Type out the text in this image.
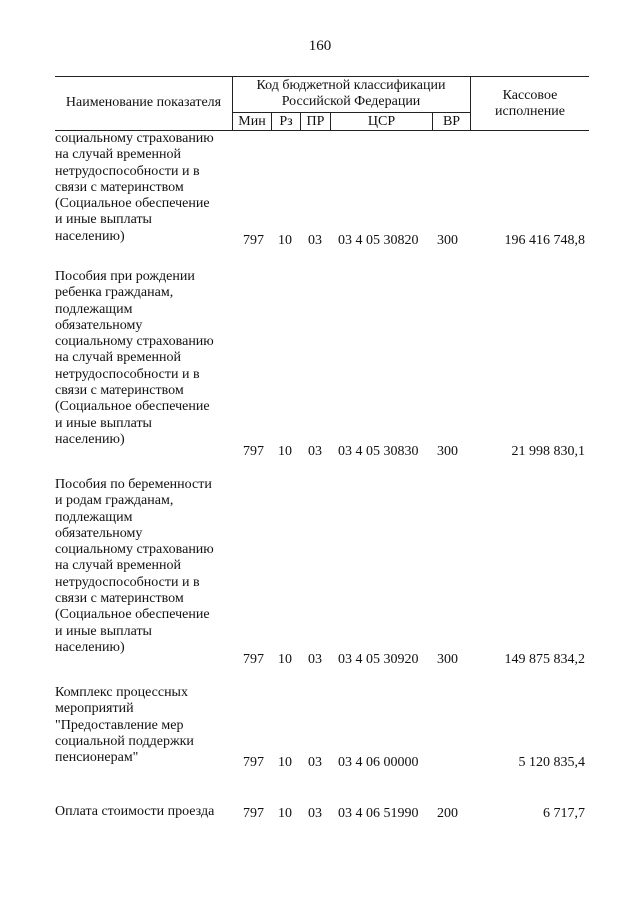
160
Наименование показателя
Код бюджетной классификации Российской Федерации	Кассовое исполнение
Мин Рз ПР	ЦСР	ВР
социальному страхованию
на случай временной
нетрудоспособности и в
связи с материнством
(Социальное обеспечение
и иные выплаты
населению)	797 10 03 03 4 05 30820 300	196 416 748,8
Пособия при рождении
ребенка гражданам,
подлежащим
обязательному
социальному страхованию
на случай временной
нетрудоспособности и в
связи с материнством
(Социальное обеспечение
и иные выплаты
населению)
797 10 03 03 4 05 30830 300	21 998 830,1
Пособия по беременности
и родам гражданам,
подлежащим
обязательному
социальному страхованию
на случай временной
нетрудоспособности и в
связи с материнством
(Социальное обеспечение
и иные выплаты
населению)
797 10 03 03 4 05 30920 300	149 875 834,2
Комплекс процессных
мероприятий
"Предоставление мер
социальной поддержки
пенсионерам"	797 10 03 03 4 06 00000	5 120 835,4
Оплата стоимости проезда	797 10 03 03 4 06 51990 200	6 717,7
